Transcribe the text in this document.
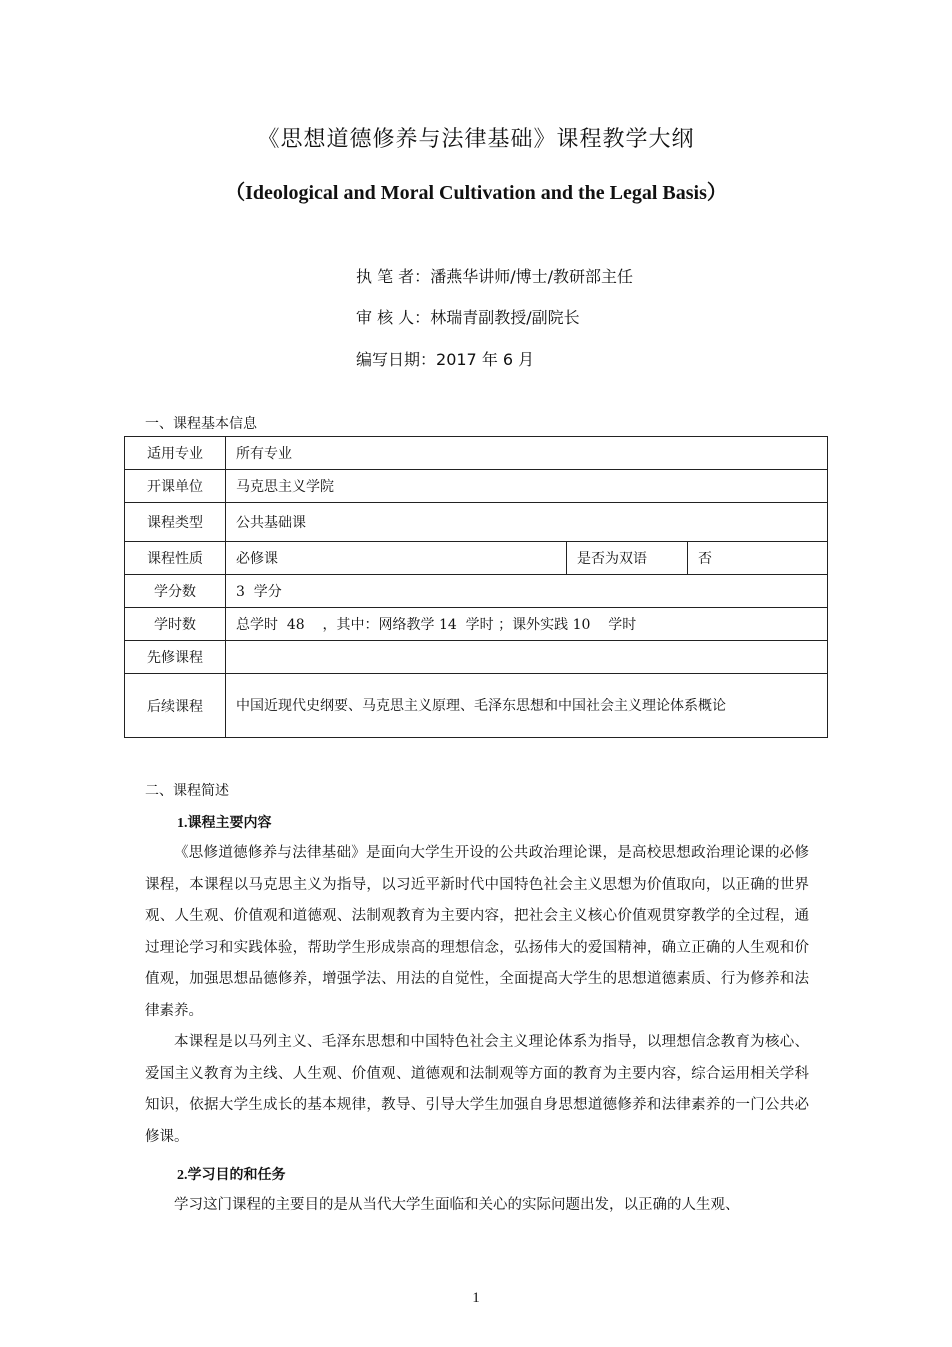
《思想道德修养与法律基础》课程教学大纲
（Ideological and Moral Cultivation and the Legal Basis）
执 笔 者：潘燕华讲师/博士/教研部主任
审 核 人：林瑞青副教授/副院长
编写日期：2017 年 6 月
一、课程基本信息
适用专业	所有专业		
开课单位	马克思主义学院		
课程类型	公共基础课		
课程性质	必修课	是否为双语	否
学分数	3  学分		
学时数	总学时  48    ，其中：网络教学 14  学时 ；课外实践 10    学时		
先修课程			
后续课程	中国近现代史纲要、马克思主义原理、毛泽东思想和中国社会主义理论体系概论		
二、课程简述
1.课程主要内容

《思修道德修养与法律基础》是面向大学生开设的公共政治理论课，是高校思想政治理论课的必修课程，本课程以马克思主义为指导，以习近平新时代中国特色社会主义思想为价值取向，以正确的世界观、人生观、价值观和道德观、法制观教育为主要内容，把社会主义核心价值观贯穿教学的全过程，通过理论学习和实践体验，帮助学生形成崇高的理想信念，弘扬伟大的爱国精神，确立正确的人生观和价值观，加强思想品德修养，增强学法、用法的自觉性，全面提高大学生的思想道德素质、行为修养和法律素养。

本课程是以马列主义、毛泽东思想和中国特色社会主义理论体系为指导，以理想信念教育为核心、爱国主义教育为主线、人生观、价值观、道德观和法制观等方面的教育为主要内容，综合运用相关学科知识，依据大学生成长的基本规律，教导、引导大学生加强自身思想道德修养和法律素养的一门公共必修课。

2.学习目的和任务

学习这门课程的主要目的是从当代大学生面临和关心的实际问题出发，以正确的人生观、

1
